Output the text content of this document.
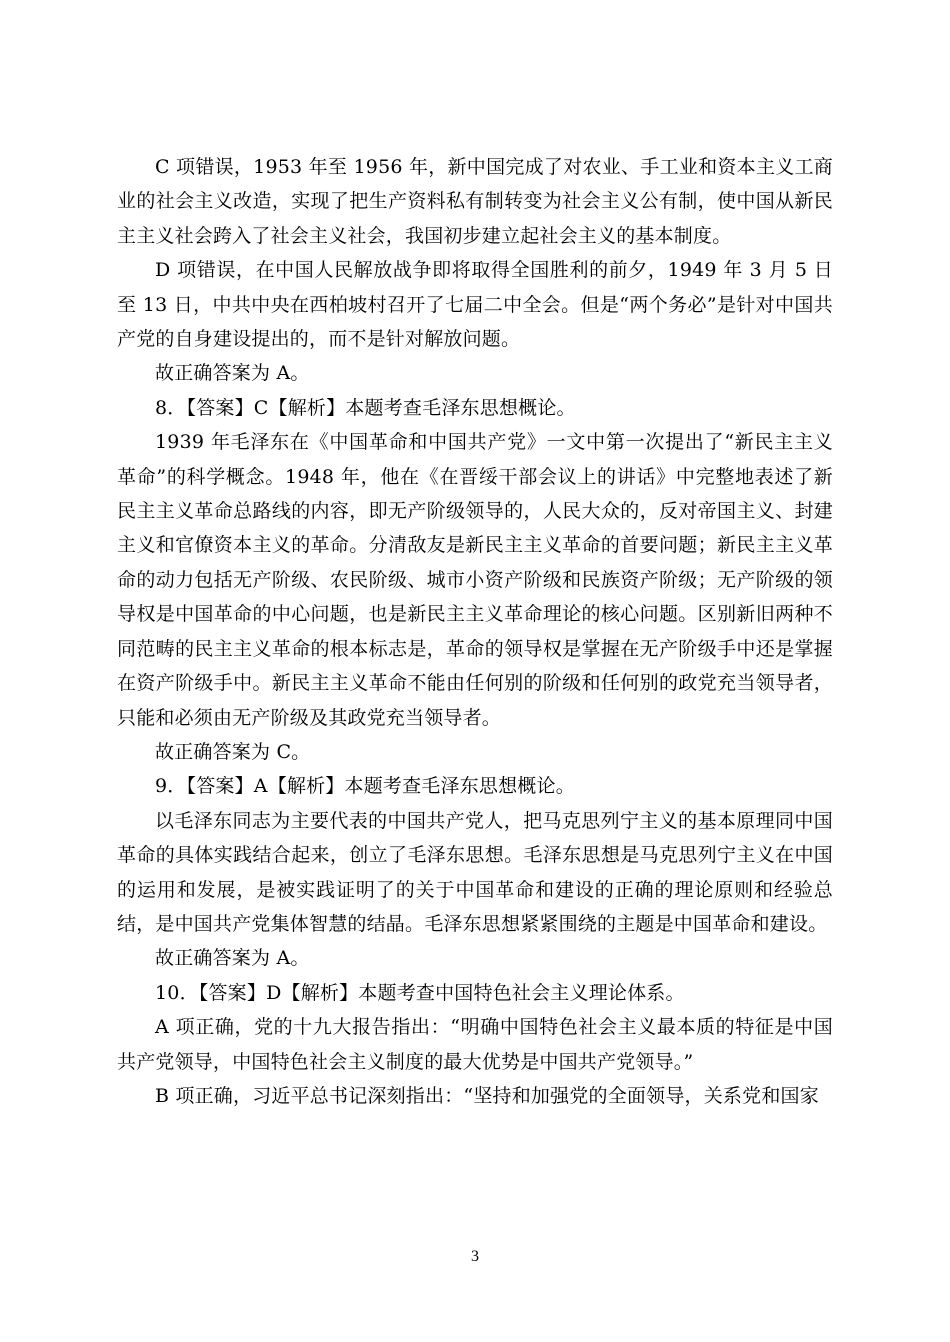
C 项错误，1953 年至 1956 年，新中国完成了对农业、手工业和资本主义工商业的社会主义改造，实现了把生产资料私有制转变为社会主义公有制，使中国从新民主主义社会跨入了社会主义社会，我国初步建立起社会主义的基本制度。

D 项错误，在中国人民解放战争即将取得全国胜利的前夕，1949 年 3 月 5 日至 13 日，中共中央在西柏坡村召开了七届二中全会。但是“两个务必”是针对中国共产党的自身建设提出的，而不是针对解放问题。

故正确答案为 A。

8．【答案】C【解析】本题考查毛泽东思想概论。

1939 年毛泽东在《中国革命和中国共产党》一文中第一次提出了“新民主主义革命”的科学概念。1948 年，他在《在晋绥干部会议上的讲话》中完整地表述了新民主主义革命总路线的内容，即无产阶级领导的，人民大众的，反对帝国主义、封建主义和官僚资本主义的革命。分清敌友是新民主主义革命的首要问题；新民主主义革命的动力包括无产阶级、农民阶级、城市小资产阶级和民族资产阶级；无产阶级的领导权是中国革命的中心问题，也是新民主主义革命理论的核心问题。区别新旧两种不同范畴的民主主义革命的根本标志是，革命的领导权是掌握在无产阶级手中还是掌握在资产阶级手中。新民主主义革命不能由任何别的阶级和任何别的政党充当领导者，只能和必须由无产阶级及其政党充当领导者。

故正确答案为 C。

9．【答案】A【解析】本题考查毛泽东思想概论。

以毛泽东同志为主要代表的中国共产党人，把马克思列宁主义的基本原理同中国革命的具体实践结合起来，创立了毛泽东思想。毛泽东思想是马克思列宁主义在中国的运用和发展，是被实践证明了的关于中国革命和建设的正确的理论原则和经验总结，是中国共产党集体智慧的结晶。毛泽东思想紧紧围绕的主题是中国革命和建设。

故正确答案为 A。

10．【答案】D【解析】本题考查中国特色社会主义理论体系。

A 项正确，党的十九大报告指出：“明确中国特色社会主义最本质的特征是中国共产党领导，中国特色社会主义制度的最大优势是中国共产党领导。”

B 项正确，习近平总书记深刻指出：“坚持和加强党的全面领导，关系党和国家

3
